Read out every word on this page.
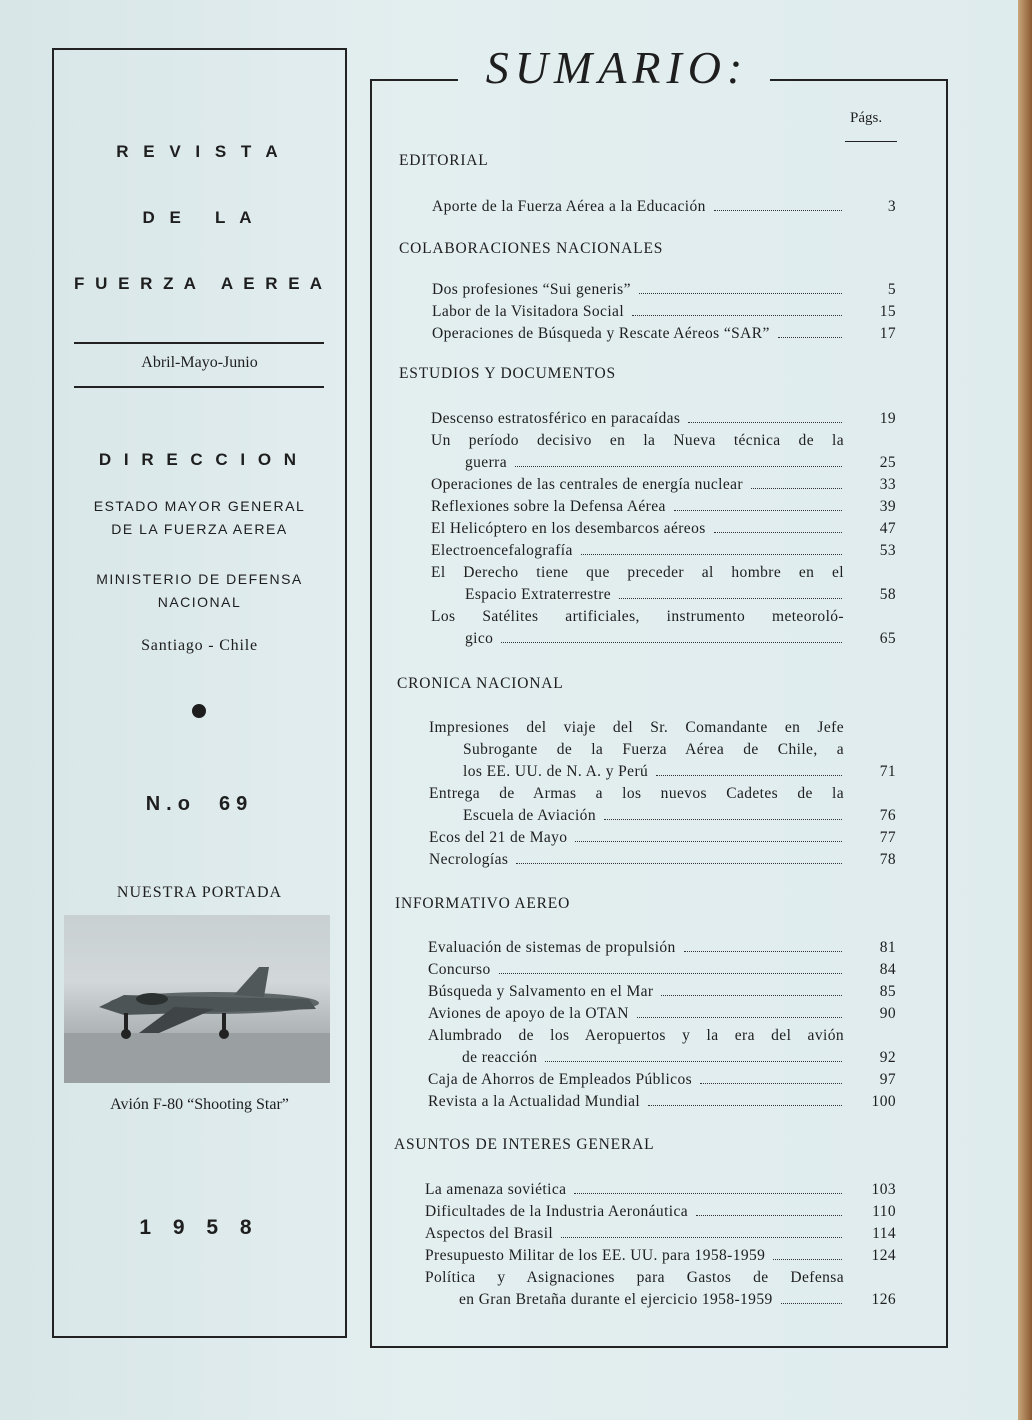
R E V I S T A
D E   L A
F U E R Z A   A E R E A
Abril-Mayo-Junio
D I R E C C I O N
ESTADO MAYOR GENERAL
DE LA FUERZA AEREA
MINISTERIO DE DEFENSA
NACIONAL
Santiago - Chile
N.o  69
NUESTRA PORTADA
Avión F-80 “Shooting Star”
1 9 5 8
SUMARIO:
Págs.
EDITORIAL
Aporte de la Fuerza Aérea a la Educación	3
COLABORACIONES NACIONALES
Dos profesiones “Sui generis”	5
Labor de la Visitadora Social	15
Operaciones de Búsqueda y Rescate Aéreos “SAR”	17
ESTUDIOS Y DOCUMENTOS
Descenso estratosférico en paracaídas	19
Un período decisivo en la Nueva técnica de la
guerra	25
Operaciones de las centrales de energía nuclear	33
Reflexiones sobre la Defensa Aérea	39
El Helicóptero en los desembarcos aéreos	47
Electroencefalografía	53
El Derecho tiene que preceder al hombre en el
Espacio Extraterrestre	58
Los Satélites artificiales, instrumento meteoroló-
gico	65
CRONICA NACIONAL
Impresiones del viaje del Sr. Comandante en Jefe
Subrogante de la Fuerza Aérea de Chile, a
los EE. UU. de N. A. y Perú	71
Entrega de Armas a los nuevos Cadetes de la
Escuela de Aviación	76
Ecos del 21 de Mayo	77
Necrologías	78
INFORMATIVO AEREO
Evaluación de sistemas de propulsión	81
Concurso	84
Búsqueda y Salvamento en el Mar	85
Aviones de apoyo de la OTAN	90
Alumbrado de los Aeropuertos y la era del avión
de reacción	92
Caja de Ahorros de Empleados Públicos	97
Revista a la Actualidad Mundial	100
ASUNTOS DE INTERES GENERAL
La amenaza soviética	103
Dificultades de la Industria Aeronáutica	110
Aspectos del Brasil	114
Presupuesto Militar de los EE. UU. para 1958-1959	124
Política y Asignaciones para Gastos de Defensa
en Gran Bretaña durante el ejercicio 1958-1959	126
